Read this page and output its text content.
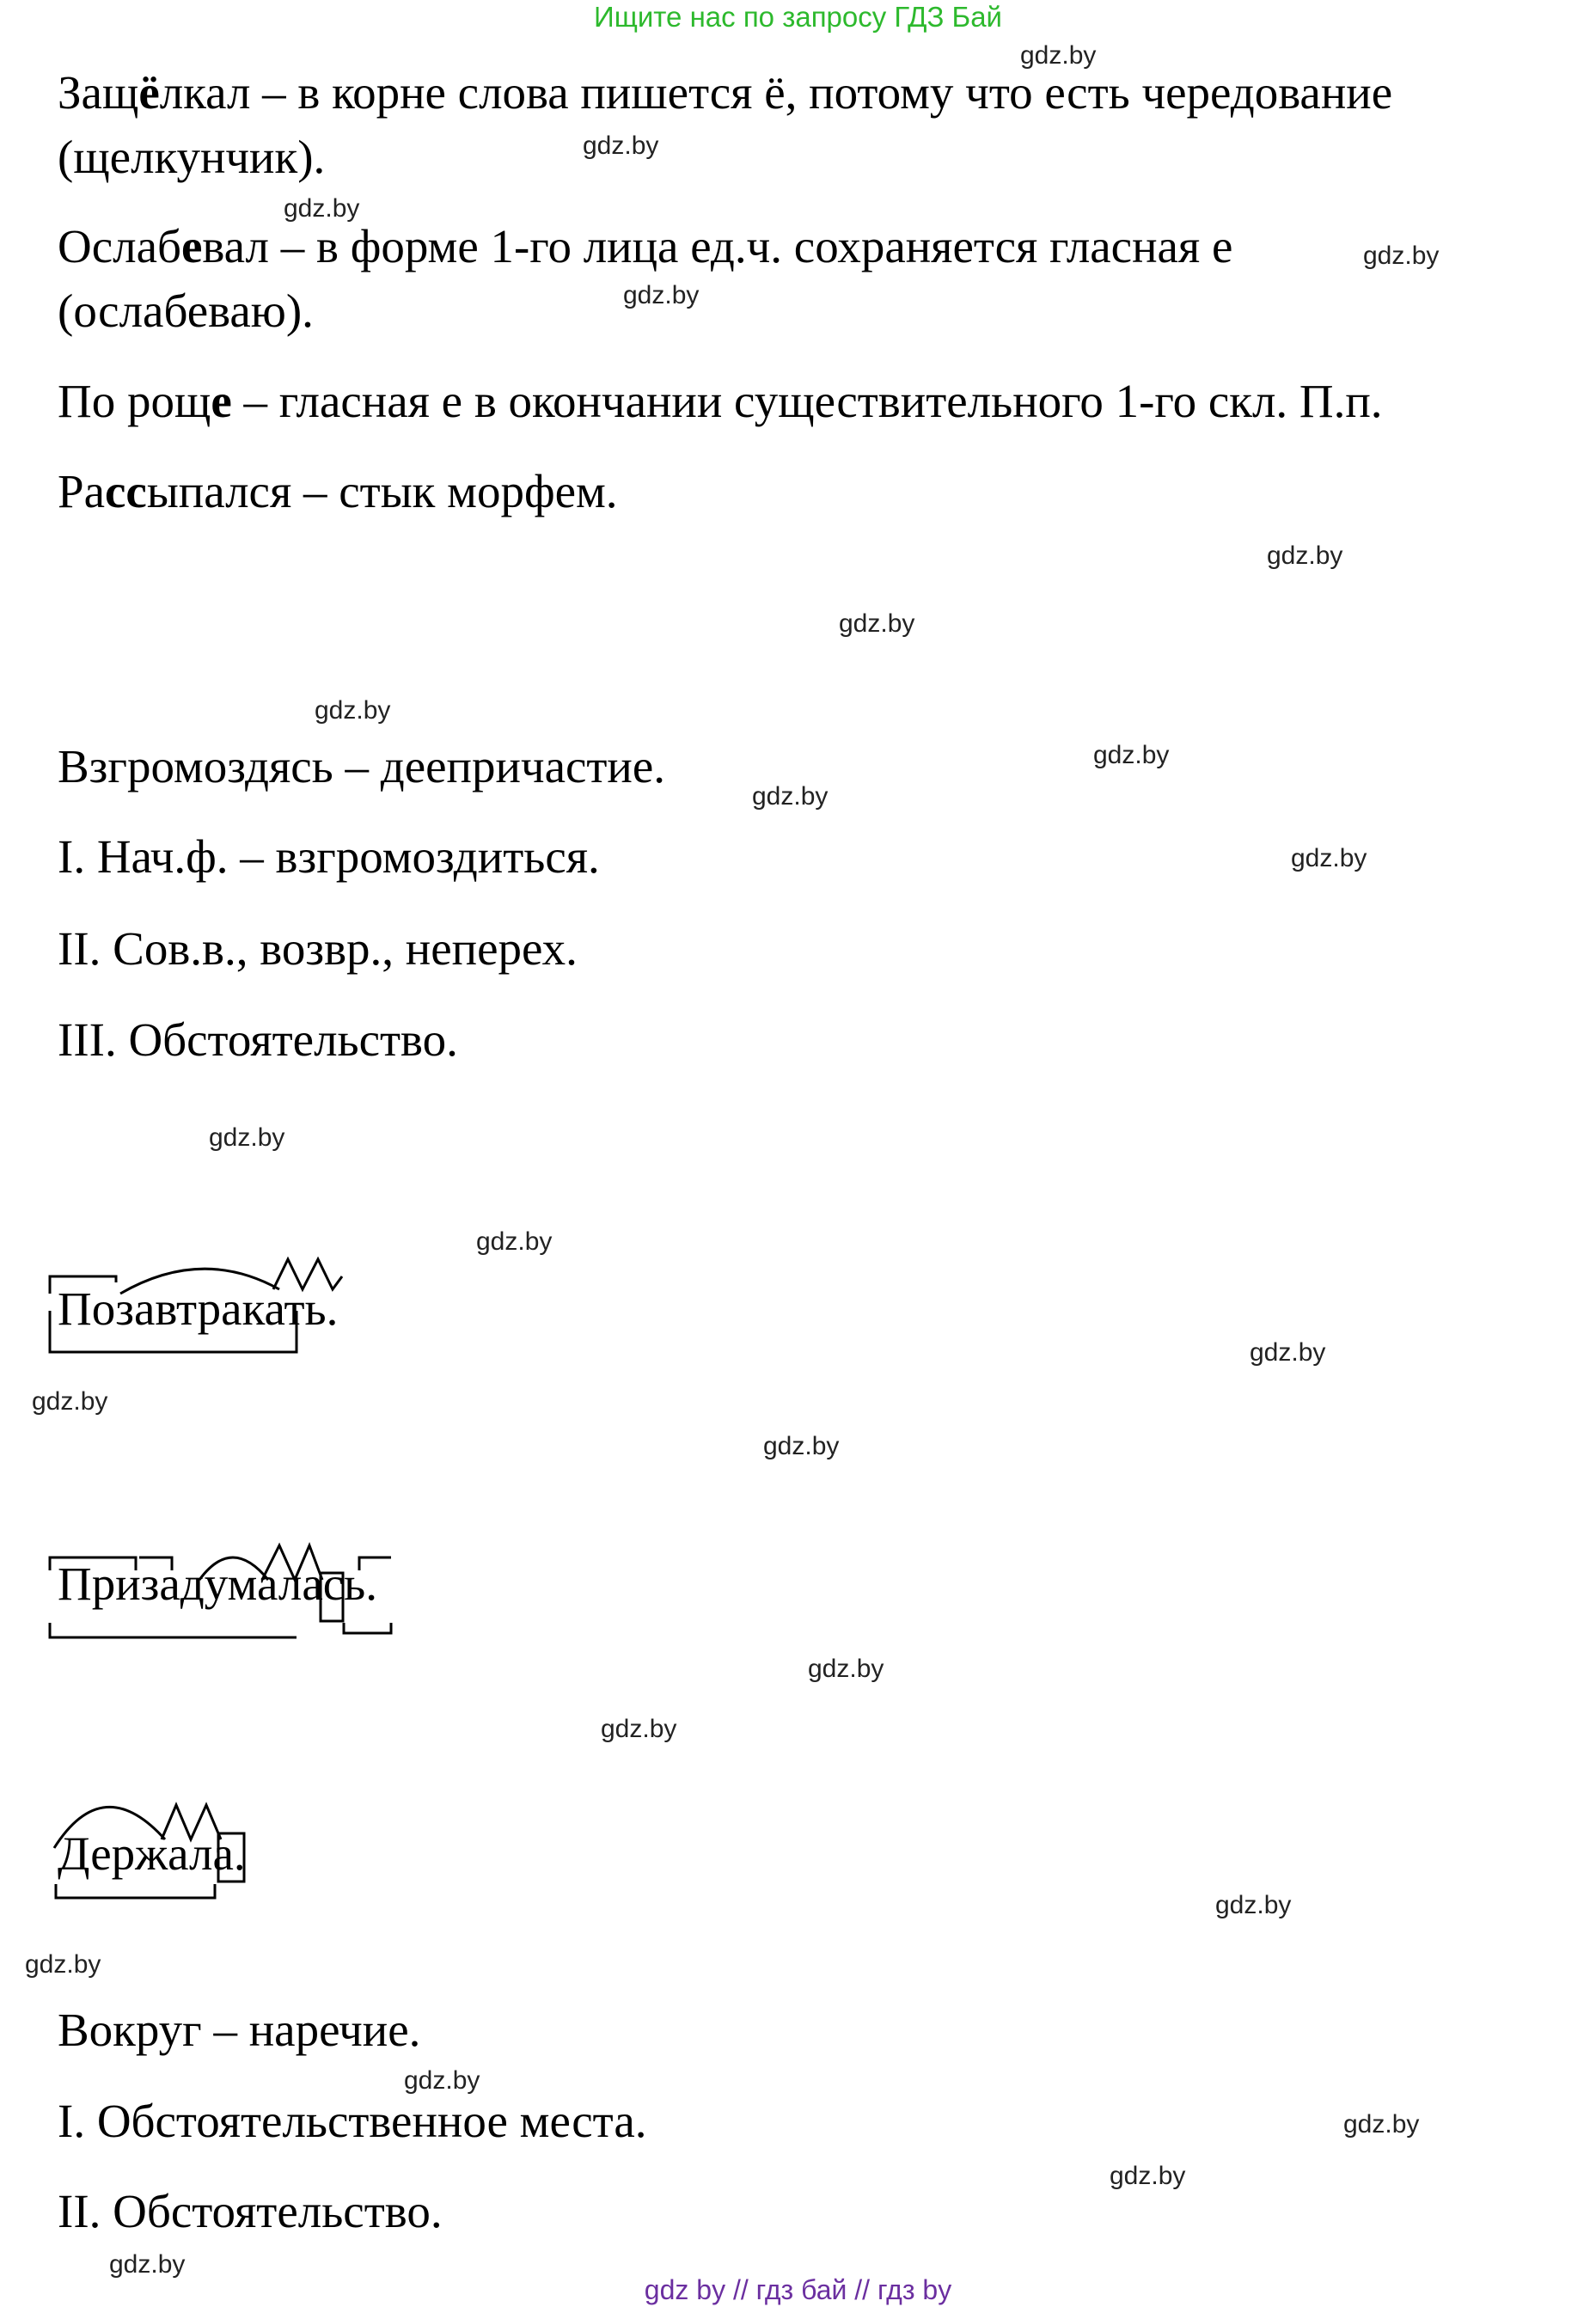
Ищите нас по запросу ГДЗ Бай
Защёлкал – в корне слова пишется ё, потому что есть чередование
(щелкунчик).
Ослабевал – в форме 1-го лица ед.ч. сохраняется гласная е
(ослабеваю).
По роще – гласная е в окончании существительного 1-го скл. П.п.
Рассыпался – стык морфем.
Взгромоздясь – деепричастие.
I. Нач.ф. – взгромоздиться.
II. Сов.в., возвр., неперех.
III. Обстоятельство.
Позавтракать.
Призадумалась.
Держала.
Вокруг – наречие.
I. Обстоятельственное места.
II. Обстоятельство.
gdz.by
gdz.by
gdz.by
gdz.by
gdz.by
gdz.by
gdz.by
gdz.by
gdz.by
gdz.by
gdz.by
gdz.by
gdz.by
gdz.by
gdz.by
gdz.by
gdz.by
gdz.by
gdz.by
gdz.by
gdz.by
gdz.by
gdz.by
gdz.by
gdz by // гдз бай // гдз by
